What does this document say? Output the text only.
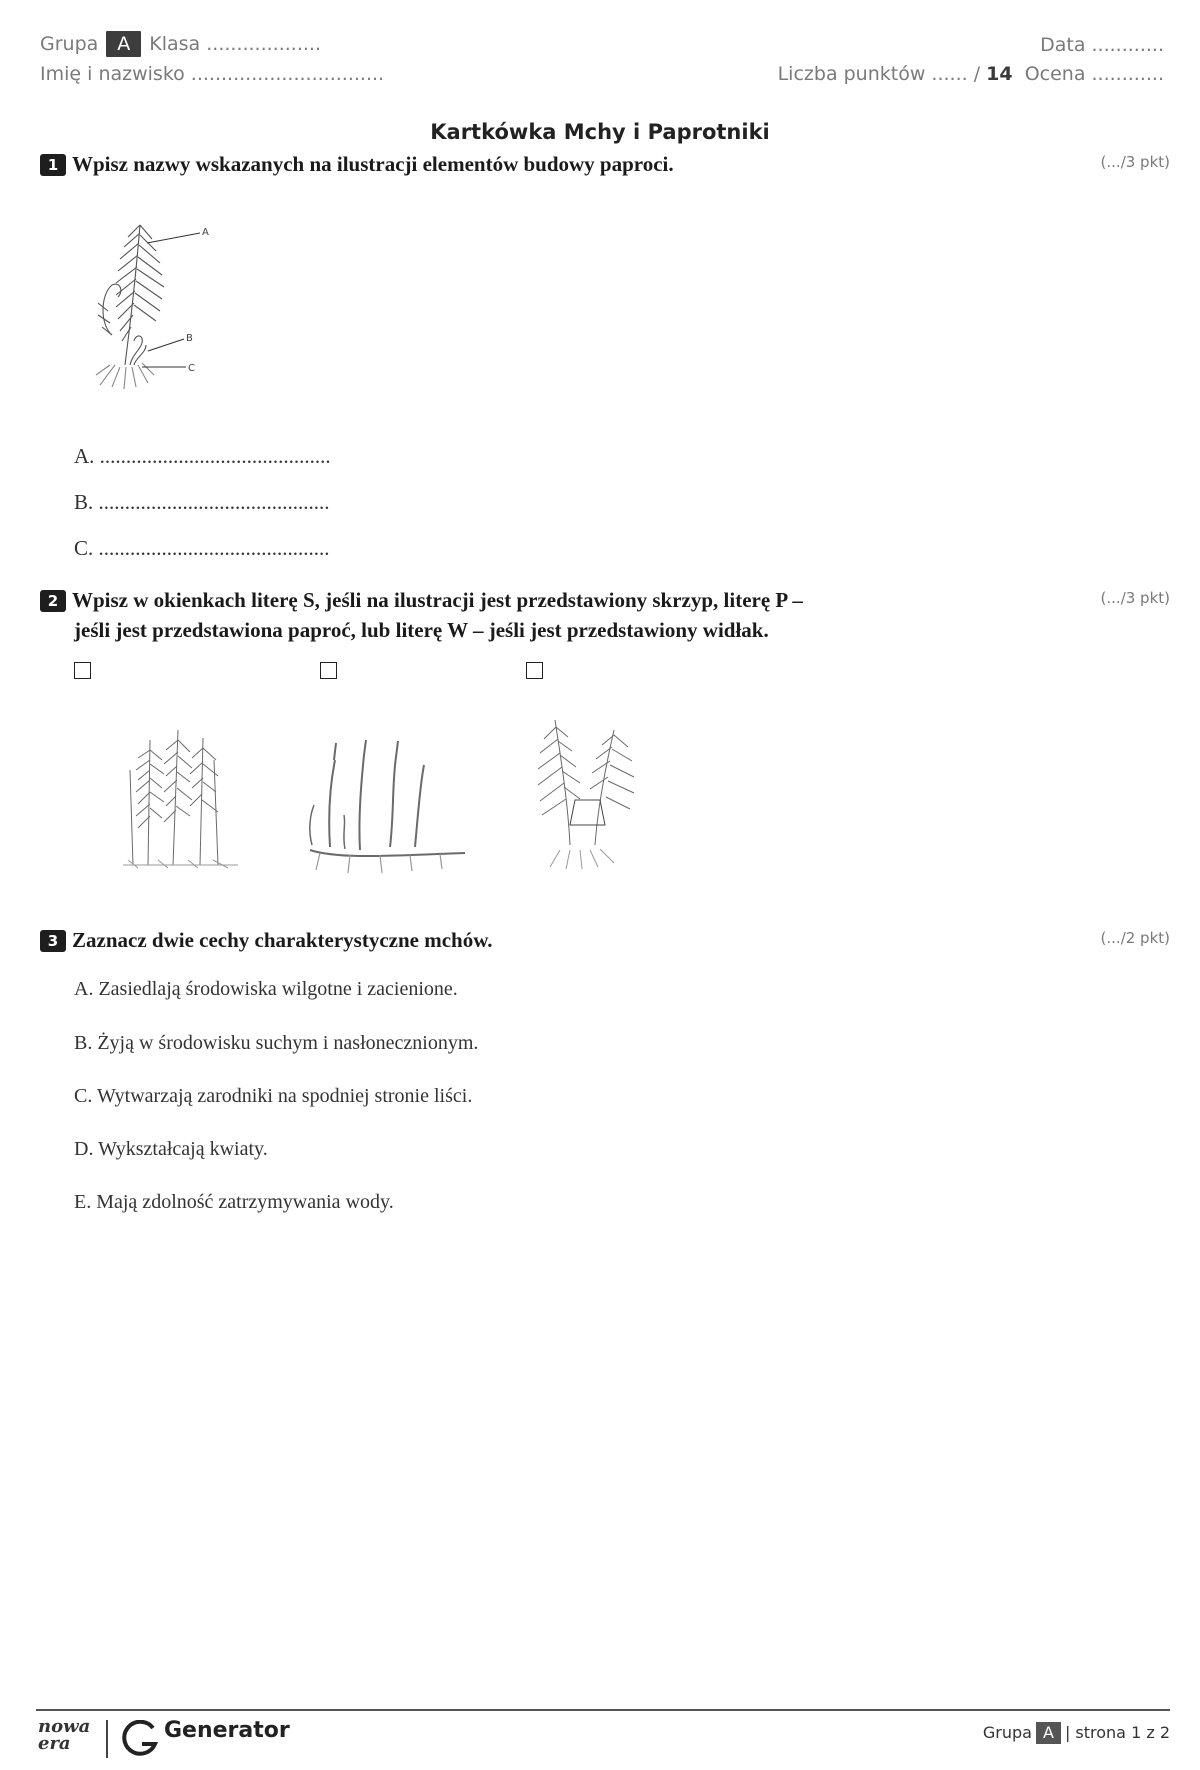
Grupa A Klasa ...................
Imię i nazwisko ................................
Data ............
Liczba punktów ...... / 14 Ocena ............
Kartkówka Mchy i Paprotniki
1 Wpisz nazwy wskazanych na ilustracji elementów budowy paproci.	(.../3 pkt)
A
B
C
A. ............................................
B. ............................................
C. ............................................
2 Wpisz w okienkach literę S, jeśli na ilustracji jest przedstawiony skrzyp, literę P –
jeśli jest przedstawiona paproć, lub literę W – jeśli jest przedstawiony widłak.
(.../3 pkt)
3 Zaznacz dwie cechy charakterystyczne mchów.	(.../2 pkt)
A. Zasiedlają środowiska wilgotne i zacienione.
B. Żyją w środowisku suchym i nasłonecznionym.
C. Wytwarzają zarodniki na spodniej stronie liści.
D. Wykształcają kwiaty.
E. Mają zdolność zatrzymywania wody.
nowa era
Generator	Grupa A | strona 1 z 2
